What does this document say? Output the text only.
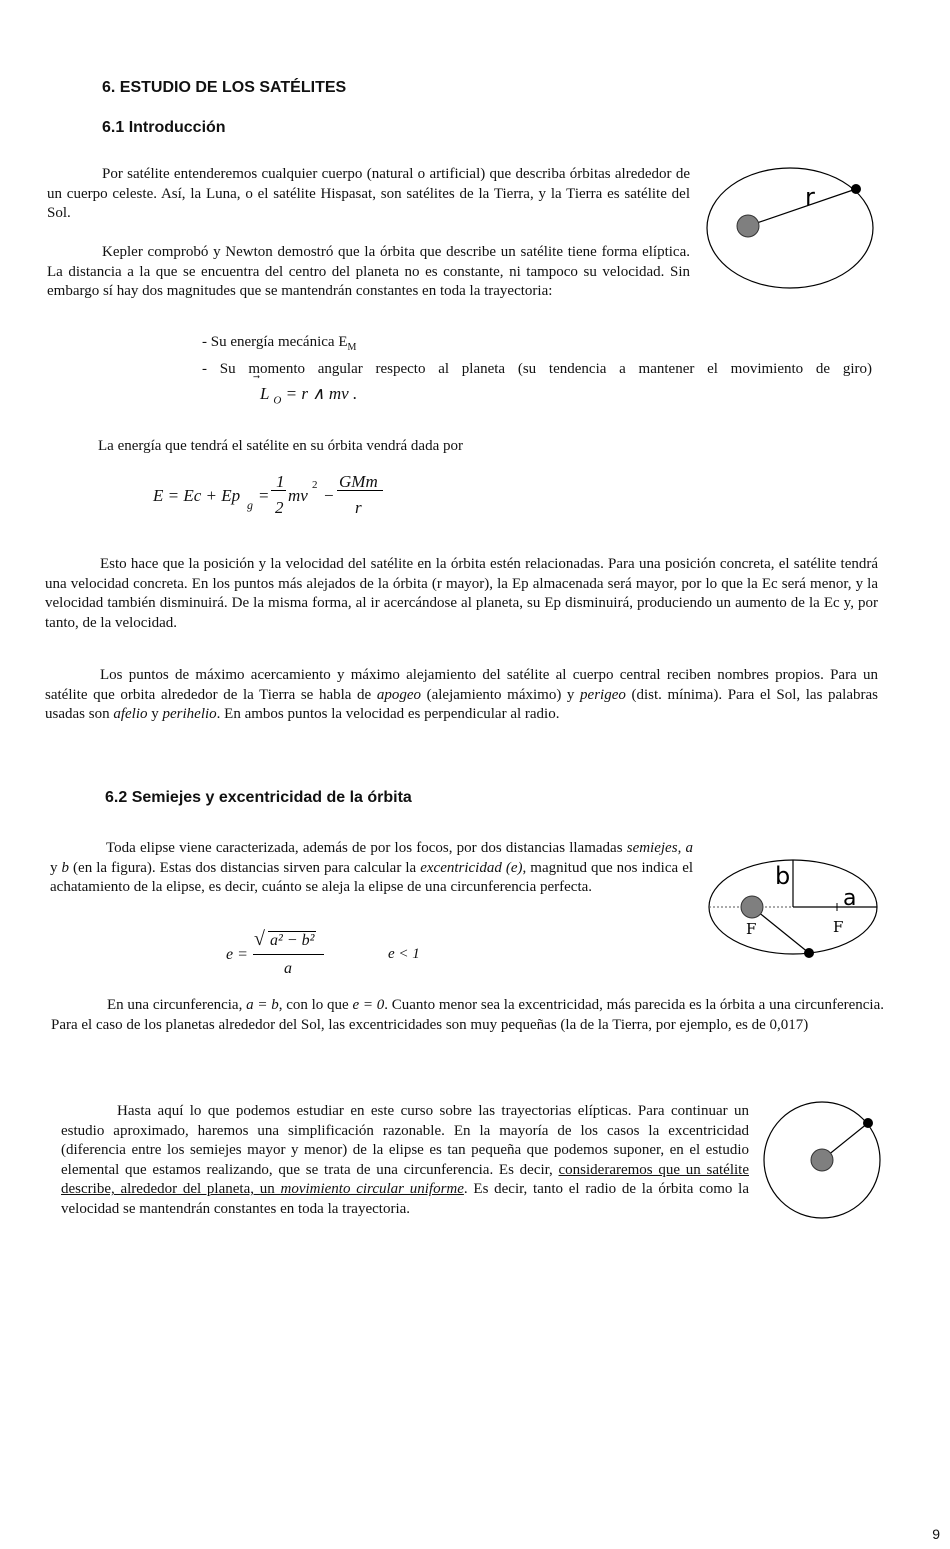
6. ESTUDIO DE LOS SATÉLITES
6.1 Introducción

Por satélite entenderemos cualquier cuerpo (natural o artificial) que describa órbitas alrededor de un cuerpo celeste. Así, la Luna, o el satélite Hispasat, son satélites de la Tierra, y la Tierra es satélite del Sol.

r

Kepler comprobó y Newton demostró que la órbita que describe un satélite tiene forma elíptica. La distancia a la que se encuentra del centro del planeta no es constante, ni tampoco su velocidad. Sin embargo sí hay dos magnitudes que se mantendrán constantes en toda la trayectoria:

- Su energía mecánica $E_M$

- Su momento angular respecto al planeta (su tendencia a mantener el movimiento de giro)

L $_O$ = r ∧ mv .

La energía que tendrá el satélite en su órbita vendrá dada por

E = Ec + Ep g =
1
2
mv
2
−
GMm
r

Esto hace que la posición y la velocidad del satélite en la órbita estén relacionadas. Para una posición concreta, el satélite tendrá una velocidad concreta. En los puntos más alejados de la órbita (r mayor), la Ep almacenada será mayor, por lo que la Ec será menor, y la velocidad también disminuirá. De la misma forma, al ir acercándose al planeta, su Ep disminuirá, produciendo un aumento de la Ec y, por tanto, de la velocidad.

Los puntos de máximo acercamiento y máximo alejamiento del satélite al cuerpo central reciben nombres propios. Para un satélite que orbita alrededor de la Tierra se habla de apogeo (alejamiento máximo) y perigeo (dist. mínima). Para el Sol, las palabras usadas son afelio y perihelio. En ambos puntos la velocidad es perpendicular al radio.

6.2 Semiejes y excentricidad de la órbita

Toda elipse viene caracterizada, además de por los focos, por dos distancias llamadas semiejes, a y b (en la figura). Estas dos distancias sirven para calcular la excentricidad (e), magnitud que nos indica el achatamiento de la elipse, es decir, cuánto se aleja la elipse de una circunferencia perfecta.	b
a
F	F
e =
√ a² − b²
a
e < 1

En una circunferencia, a = b, con lo que e = 0. Cuanto menor sea la excentricidad, más parecida es la órbita a una circunferencia. Para el caso de los planetas alrededor del Sol, las excentricidades son muy pequeñas (la de la Tierra, por ejemplo, es de 0,017)

Hasta aquí lo que podemos estudiar en este curso sobre las trayectorias elípticas. Para continuar un estudio aproximado, haremos una simplificación razonable. En la mayoría de los casos la excentricidad (diferencia entre los semiejes mayor y menor) de la elipse es tan pequeña que podemos suponer, en el estudio elemental que estamos realizando, que se trata de una circunferencia. Es decir, consideraremos que un satélite describe, alrededor del planeta, un movimiento circular uniforme. Es decir, tanto el radio de la órbita como la velocidad se mantendrán constantes en toda la trayectoria.

9
